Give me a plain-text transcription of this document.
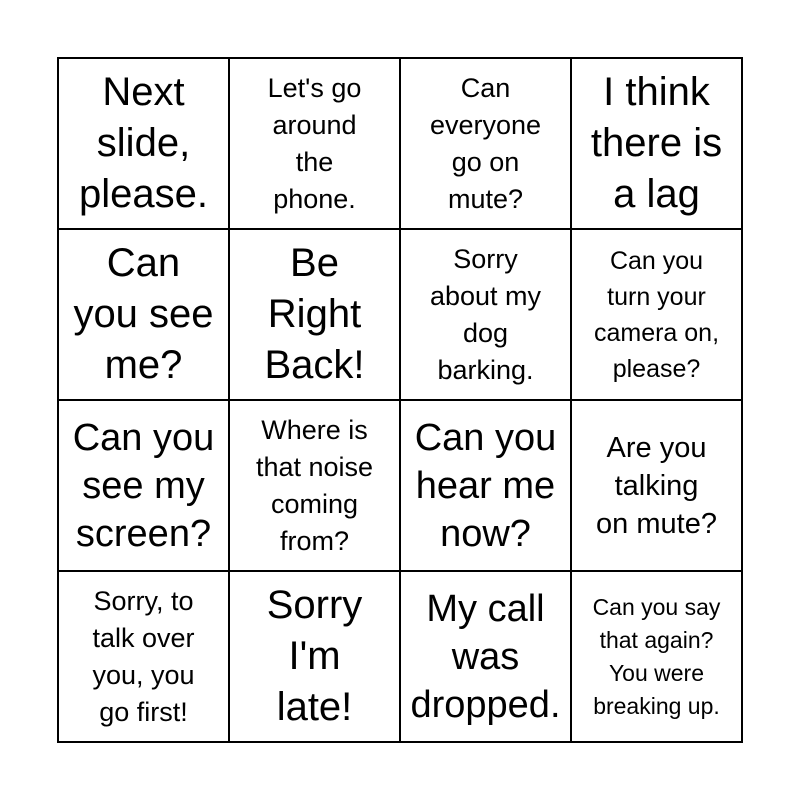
Next
slide,
please.
Let's go
around
the
phone.
Can
everyone
go on
mute?
I think
there is
a lag
Can
you see
me?
Be
Right
Back!
Sorry
about my
dog
barking.
Can you
turn your
camera on,
please?
Can you
see my
screen?
Where is
that noise
coming
from?
Can you
hear me
now?
Are you
talking
on mute?
Sorry, to
talk over
you, you
go first!
Sorry
I'm
late!
My call
was
dropped.
Can you say
that again?
You were
breaking up.
